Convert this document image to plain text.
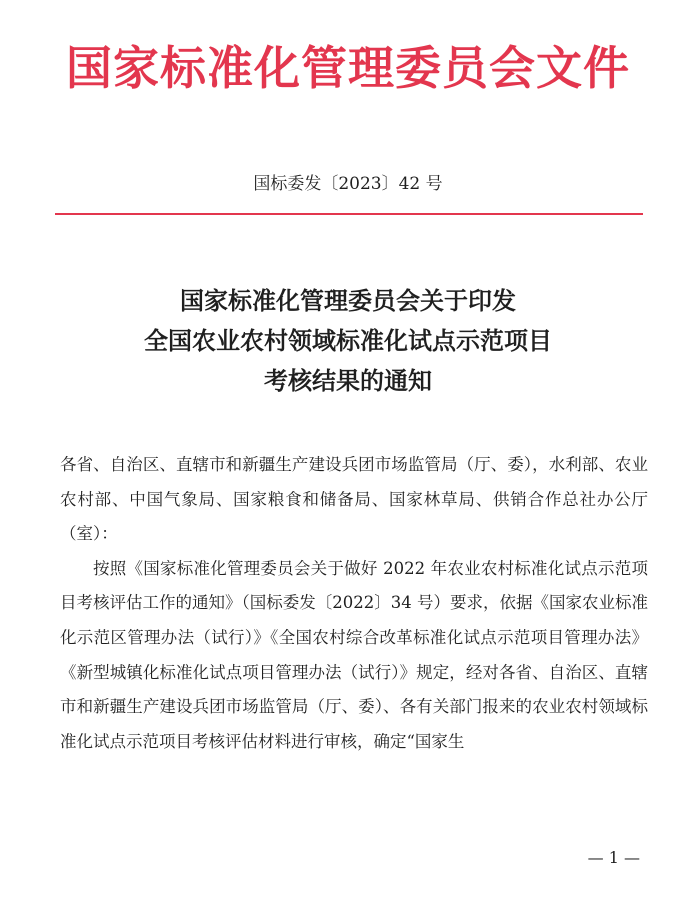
国家标准化管理委员会文件
国标委发〔2023〕42 号
国家标准化管理委员会关于印发
全国农业农村领域标准化试点示范项目
考核结果的通知

各省、自治区、直辖市和新疆生产建设兵团市场监管局（厅、委），水利部、农业农村部、中国气象局、国家粮食和储备局、国家林草局、供销合作总社办公厅（室）：

按照《国家标准化管理委员会关于做好 2022 年农业农村标准化试点示范项目考核评估工作的通知》（国标委发〔2022〕34 号）要求，依据《国家农业标准化示范区管理办法（试行）》《全国农村综合改革标准化试点示范项目管理办法》《新型城镇化标准化试点项目管理办法（试行）》规定，经对各省、自治区、直辖市和新疆生产建设兵团市场监管局（厅、委）、各有关部门报来的农业农村领域标准化试点示范项目考核评估材料进行审核，确定“国家生

— 1 —
